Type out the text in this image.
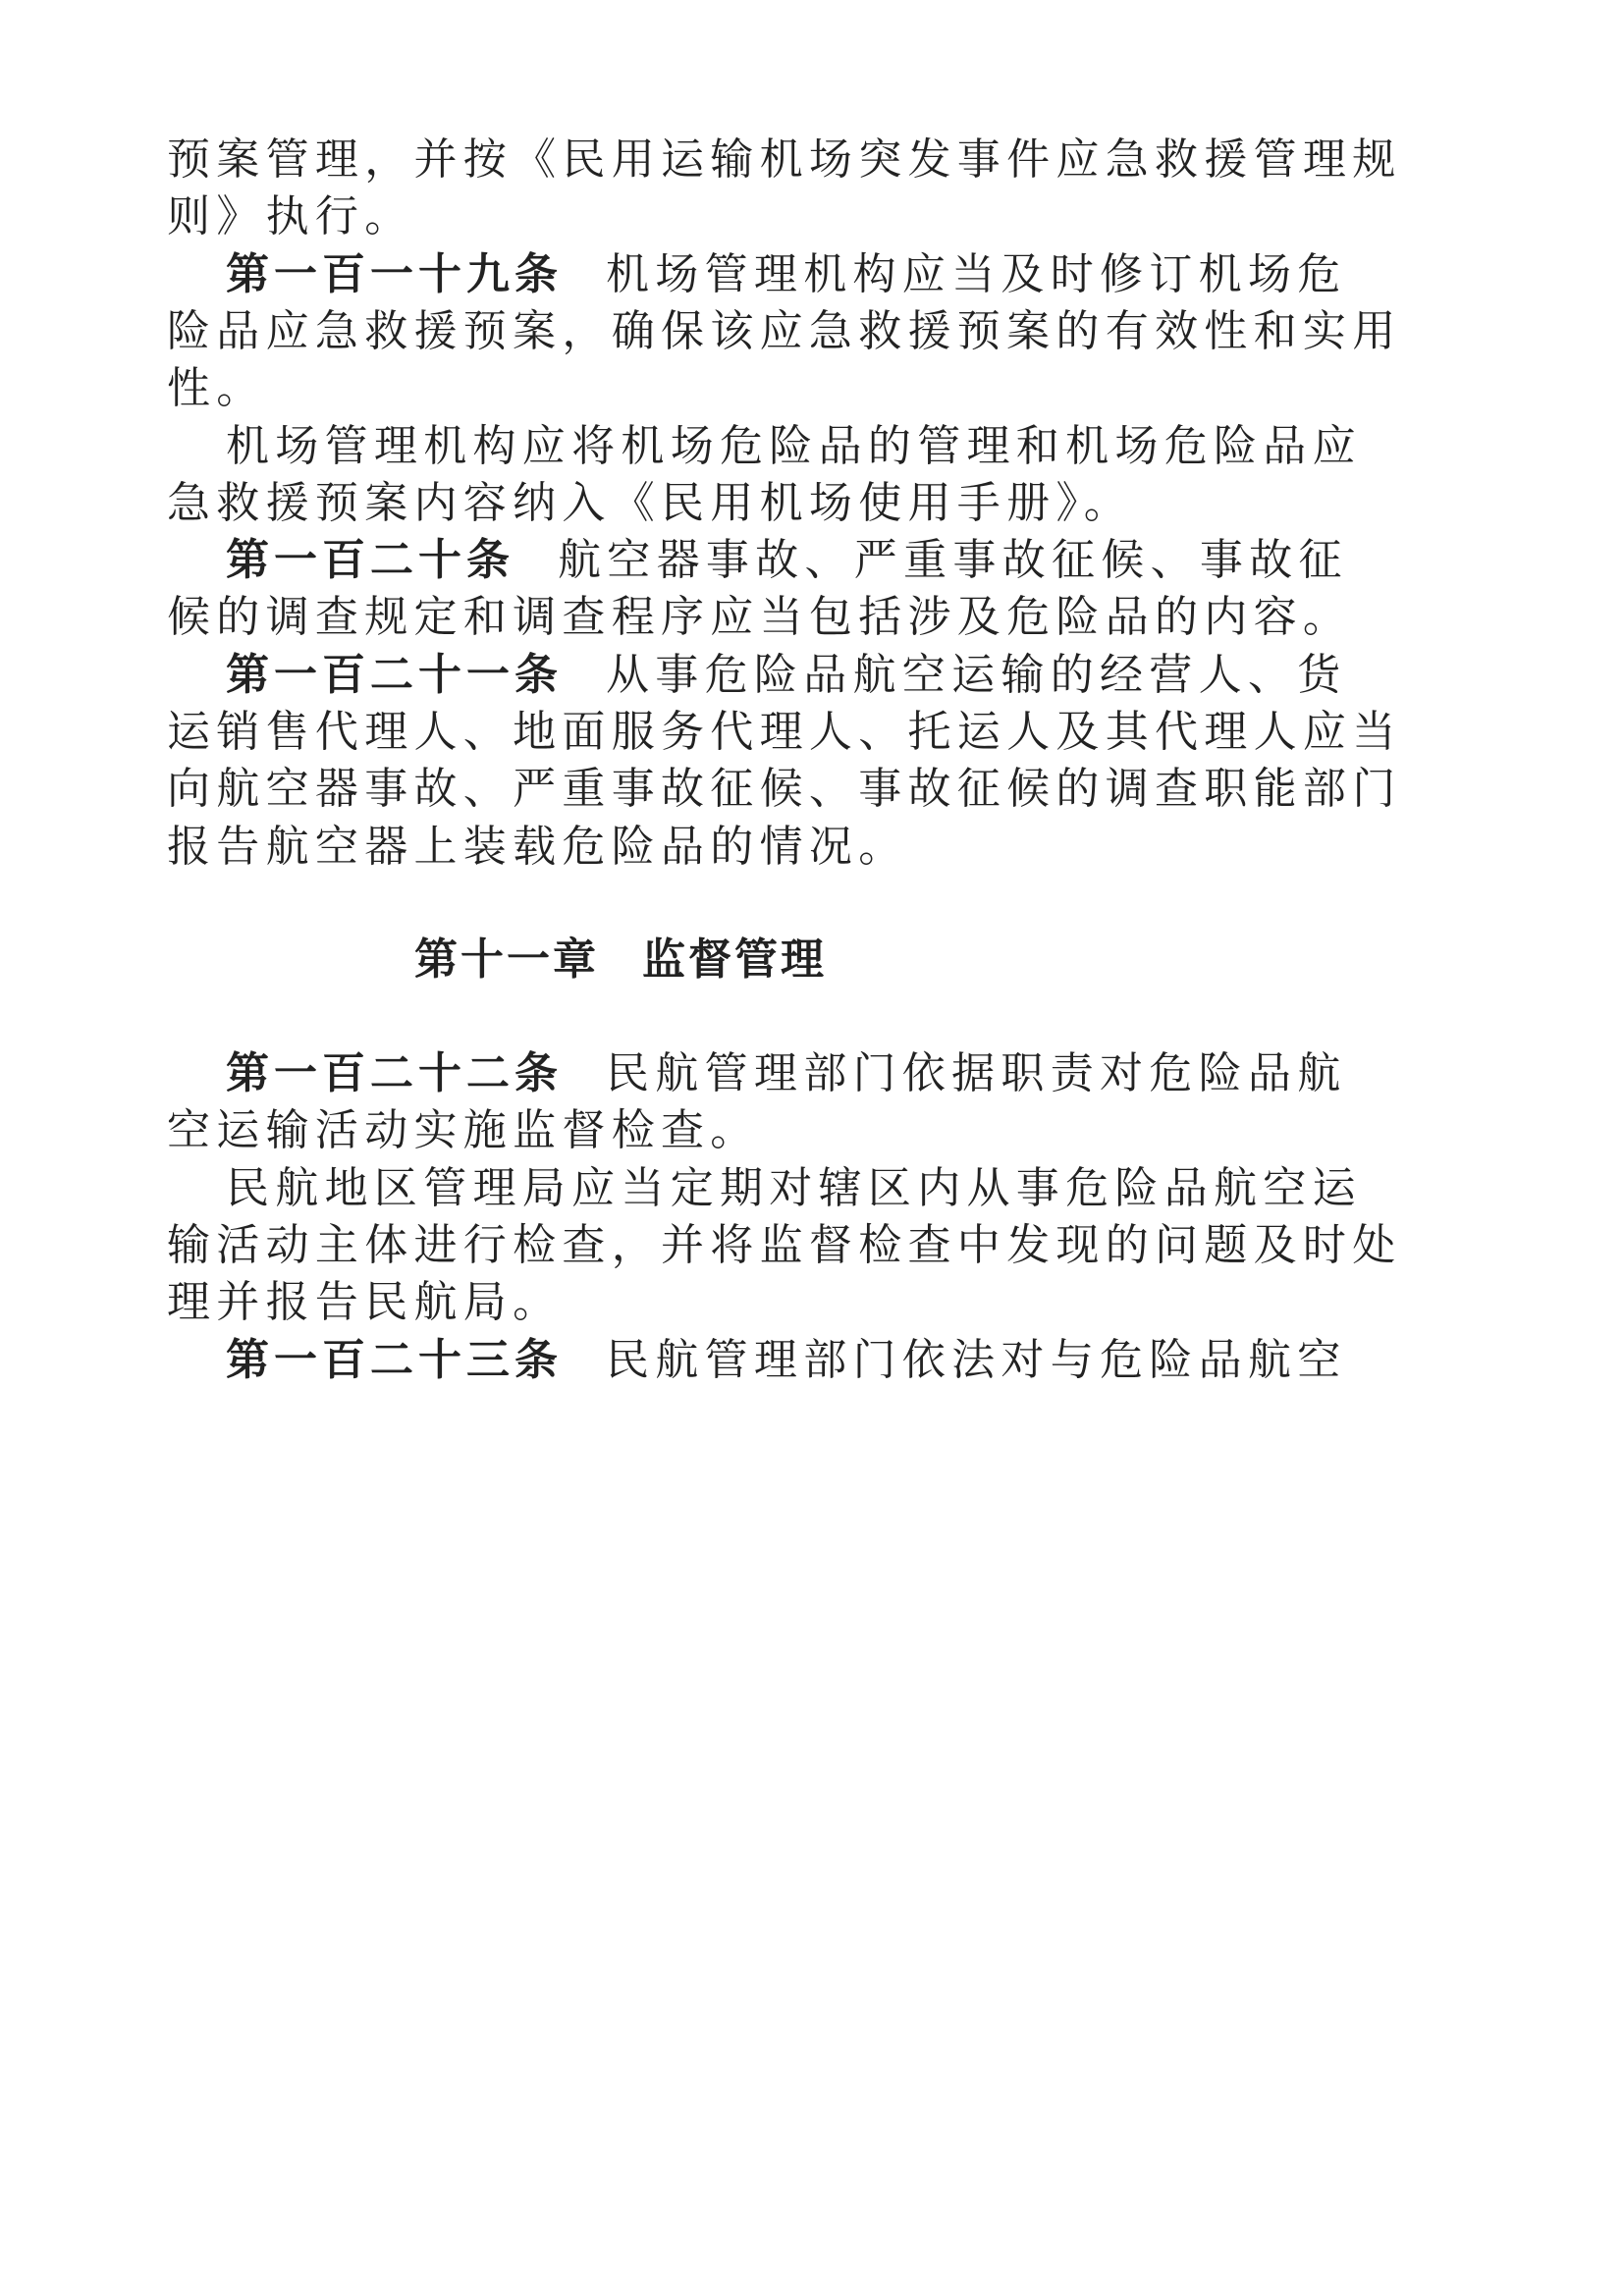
预案管理，并按《民用运输机场突发事件应急救援管理规
则》执行。
第一百一十九条 机场管理机构应当及时修订机场危
险品应急救援预案，确保该应急救援预案的有效性和实用
性。
机场管理机构应将机场危险品的管理和机场危险品应
急救援预案内容纳入《民用机场使用手册》。
第一百二十条 航空器事故、严重事故征候、事故征
候的调查规定和调查程序应当包括涉及危险品的内容。
第一百二十一条 从事危险品航空运输的经营人、货
运销售代理人、地面服务代理人、托运人及其代理人应当
向航空器事故、严重事故征候、事故征候的调查职能部门
报告航空器上装载危险品的情况。
第十一章 监督管理
第一百二十二条 民航管理部门依据职责对危险品航
空运输活动实施监督检查。
民航地区管理局应当定期对辖区内从事危险品航空运
输活动主体进行检查，并将监督检查中发现的问题及时处
理并报告民航局。
第一百二十三条 民航管理部门依法对与危险品航空
